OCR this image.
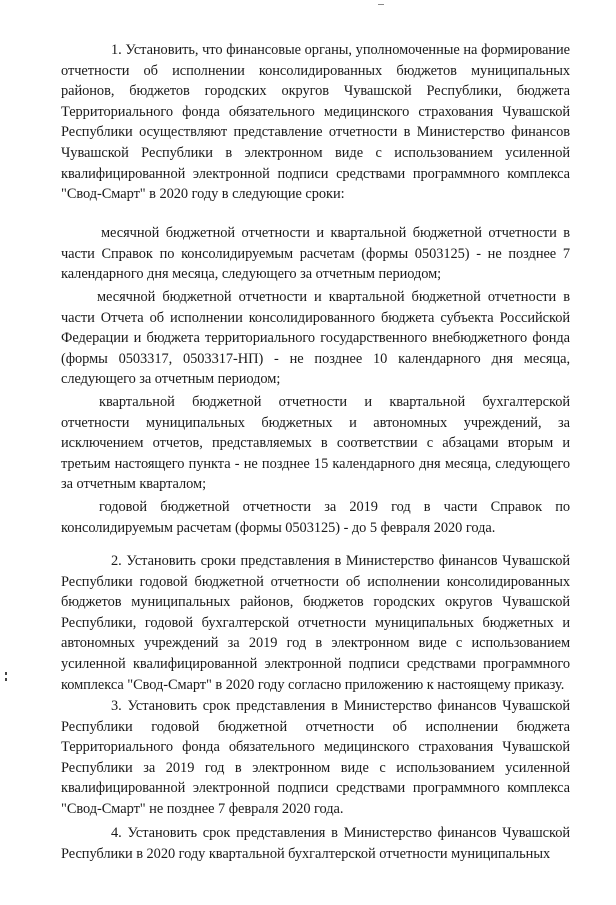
1. Установить, что финансовые органы, уполномоченные на формирование отчетности об исполнении консолидированных бюджетов муниципальных районов, бюджетов городских округов Чувашской Республики, бюджета Территориального фонда обязательного медицинского страхования Чувашской Республики осуществляют представление отчетности в Министерство финансов Чувашской Республики в электронном виде с использованием усиленной квалифицированной электронной подписи средствами программного комплекса "Свод-Смарт" в 2020 году в следующие сроки:

месячной бюджетной отчетности и квартальной бюджетной отчетности в части Справок по консолидируемым расчетам (формы 0503125) - не позднее 7 календарного дня месяца, следующего за отчетным периодом;

месячной бюджетной отчетности и квартальной бюджетной отчетности в части Отчета об исполнении консолидированного бюджета субъекта Российской Федерации и бюджета территориального государственного внебюджетного фонда (формы 0503317, 0503317-НП) - не позднее 10 календарного дня месяца, следующего за отчетным периодом;

квартальной бюджетной отчетности и квартальной бухгалтерской отчетности муниципальных бюджетных и автономных учреждений, за исключением отчетов, представляемых в соответствии с абзацами вторым и третьим настоящего пункта - не позднее 15 календарного дня месяца, следующего за отчетным кварталом;

годовой бюджетной отчетности за 2019 год в части Справок по консолидируемым расчетам (формы 0503125) - до 5 февраля 2020 года.

2. Установить сроки представления в Министерство финансов Чувашской Республики годовой бюджетной отчетности об исполнении консолидированных бюджетов муниципальных районов, бюджетов городских округов Чувашской Республики, годовой бухгалтерской отчетности муниципальных бюджетных и автономных учреждений за 2019 год в электронном виде с использованием усиленной квалифицированной электронной подписи средствами программного комплекса "Свод-Смарт" в 2020 году согласно приложению к настоящему приказу.

3. Установить срок представления в Министерство финансов Чувашской Республики годовой бюджетной отчетности об исполнении бюджета Территориального фонда обязательного медицинского страхования Чувашской Республики за 2019 год в электронном виде с использованием усиленной квалифицированной электронной подписи средствами программного комплекса "Свод-Смарт" не позднее 7 февраля 2020 года.

4. Установить срок представления в Министерство финансов Чувашской Республики в 2020 году квартальной бухгалтерской отчетности муниципальных
